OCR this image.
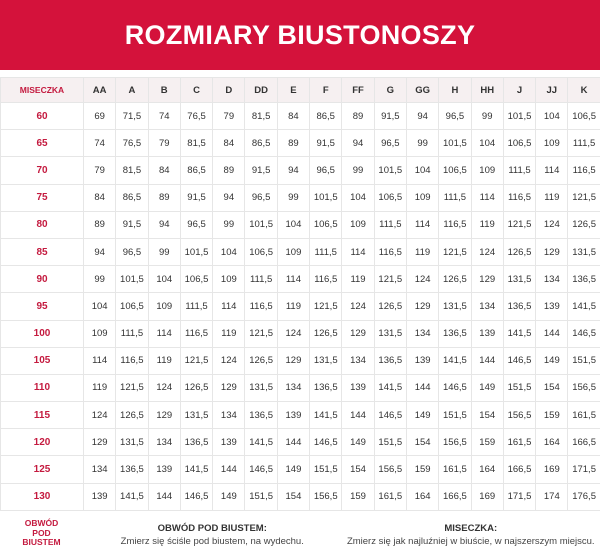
ROZMIARY BIUSTONOSZY
MISECZKA	AA	A	B	C	D	DD	E	F	FF	G	GG	H	HH	J	JJ	K
60	69	71,5	74	76,5	79	81,5	84	86,5	89	91,5	94	96,5	99	101,5	104	106,5
65	74	76,5	79	81,5	84	86,5	89	91,5	94	96,5	99	101,5	104	106,5	109	111,5
70	79	81,5	84	86,5	89	91,5	94	96,5	99	101,5	104	106,5	109	111,5	114	116,5
75	84	86,5	89	91,5	94	96,5	99	101,5	104	106,5	109	111,5	114	116,5	119	121,5
80	89	91,5	94	96,5	99	101,5	104	106,5	109	111,5	114	116,5	119	121,5	124	126,5
85	94	96,5	99	101,5	104	106,5	109	111,5	114	116,5	119	121,5	124	126,5	129	131,5
90	99	101,5	104	106,5	109	111,5	114	116,5	119	121,5	124	126,5	129	131,5	134	136,5
95	104	106,5	109	111,5	114	116,5	119	121,5	124	126,5	129	131,5	134	136,5	139	141,5
100	109	111,5	114	116,5	119	121,5	124	126,5	129	131,5	134	136,5	139	141,5	144	146,5
105	114	116,5	119	121,5	124	126,5	129	131,5	134	136,5	139	141,5	144	146,5	149	151,5
110	119	121,5	124	126,5	129	131,5	134	136,5	139	141,5	144	146,5	149	151,5	154	156,5
115	124	126,5	129	131,5	134	136,5	139	141,5	144	146,5	149	151,5	154	156,5	159	161,5
120	129	131,5	134	136,5	139	141,5	144	146,5	149	151,5	154	156,5	159	161,5	164	166,5
125	134	136,5	139	141,5	144	146,5	149	151,5	154	156,5	159	161,5	164	166,5	169	171,5
130	139	141,5	144	146,5	149	151,5	154	156,5	159	161,5	164	166,5	169	171,5	174	176,5
OBWÓD
POD
BIUSTEM
OBWÓD POD BIUSTEM:
Zmierz się ściśle pod biustem, na wydechu.
MISECZKA:
Zmierz się jak najluźniej w biuście, w najszerszym miejscu.
